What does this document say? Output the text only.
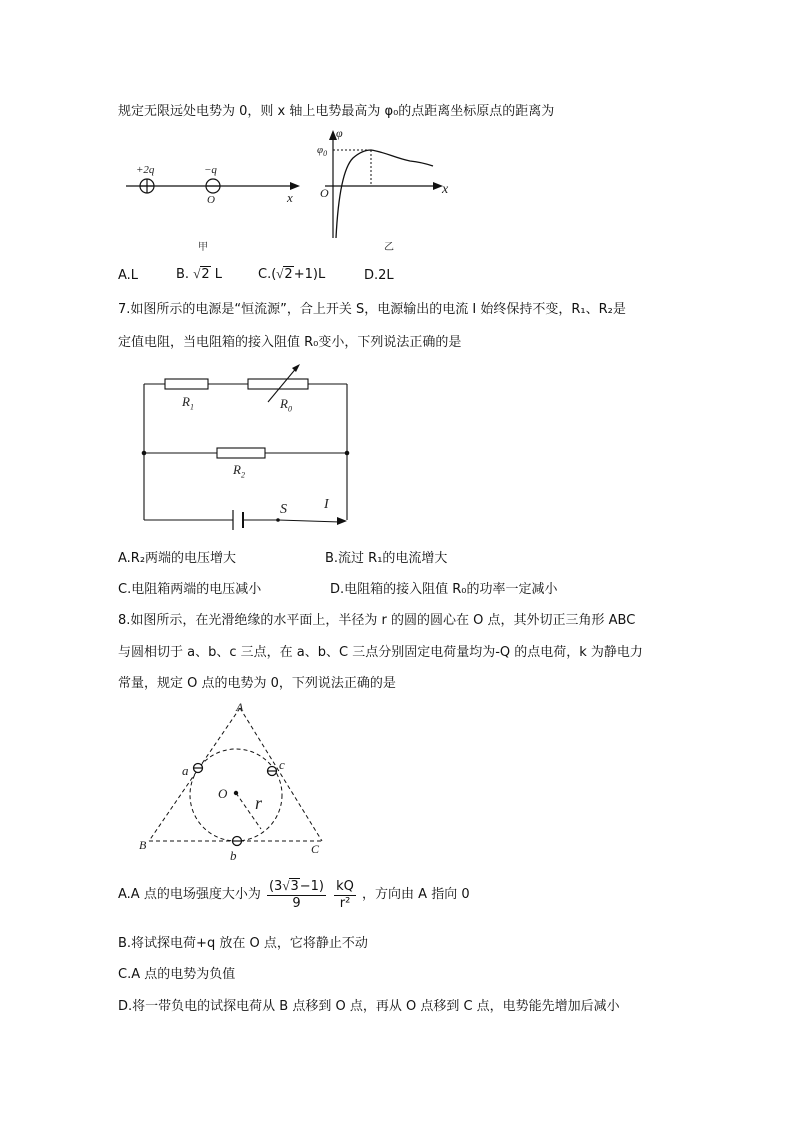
规定无限远处电势为 0，则 x 轴上电势最高为 φ₀的点距离坐标原点的距离为
+2q	−q
O	x
甲
φ
$\varphi_0$
O	x
乙
A.L	B. √2 L	C.(√2+1)L	D.2L
7.如图所示的电源是“恒流源”，合上开关 S，电源输出的电流 I 始终保持不变，R₁、R₂是
定值电阻，当电阻箱的接入阻值 R₀变小，下列说法正确的是
$R_1$	$R_0$
$R_2$
S	I
A.R₂两端的电压增大	B.流过 R₁的电流增大
C.电阻箱两端的电压减小	D.电阻箱的接入阻值 R₀的功率一定减小
8.如图所示，在光滑绝缘的水平面上，半径为 r 的圆的圆心在 O 点，其外切正三角形 ABC
与圆相切于 a、b、c 三点，在 a、b、C 三点分别固定电荷量均为-Q 的点电荷，k 为静电力
常量，规定 O 点的电势为 0，下列说法正确的是
A
B	C
a
b
c
O r
A.A 点的电场强度大小为 $\frac{(3√3-1)}{9}$
$\frac{kQ}{\text{r²}}$ ，方向由 A 指向 0
B.将试探电荷+q 放在 O 点，它将静止不动
C.A 点的电势为负值
D.将一带负电的试探电荷从 B 点移到 O 点，再从 O 点移到 C 点，电势能先增加后减小
